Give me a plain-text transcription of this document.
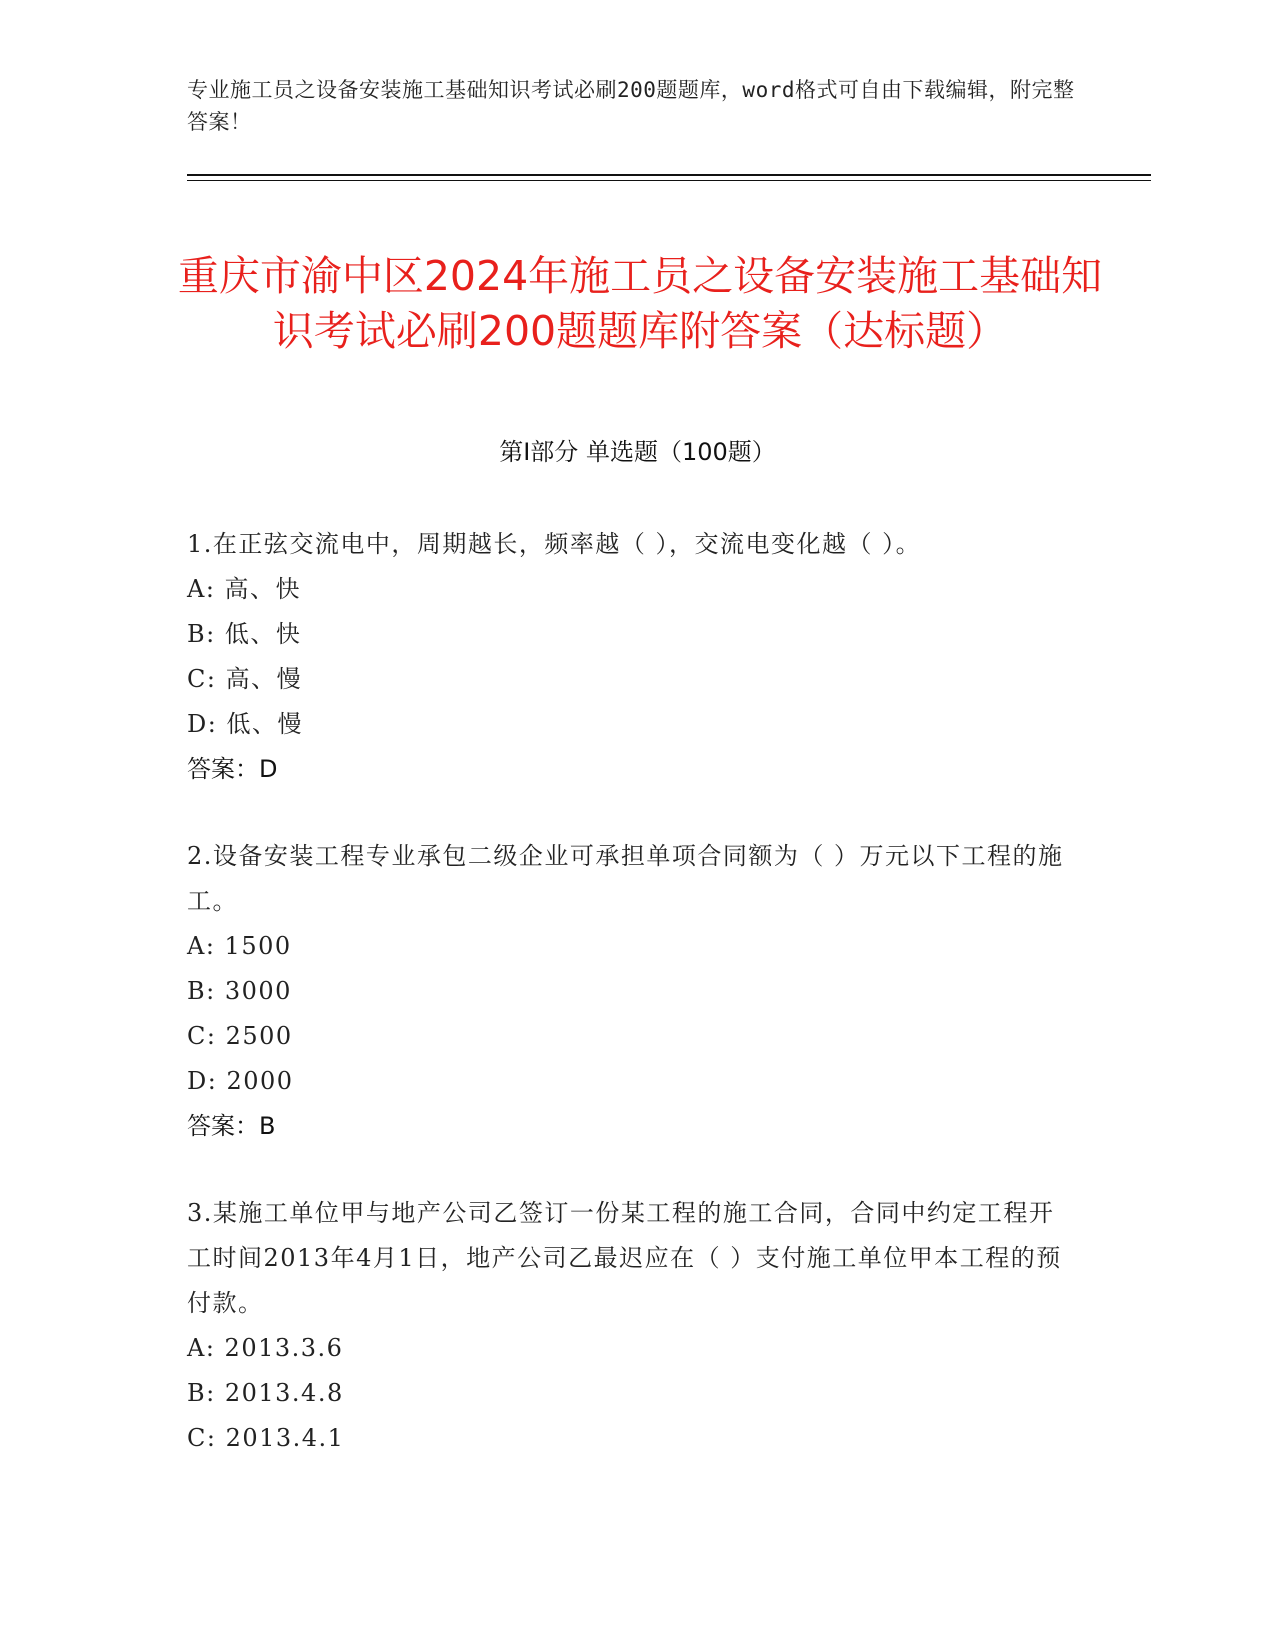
专业施工员之设备安装施工基础知识考试必刷200题题库，word格式可自由下载编辑，附完整答案！
重庆市渝中区2024年施工员之设备安装施工基础知识考试必刷200题题库附答案（达标题）
第I部分 单选题（100题）

1.在正弦交流电中，周期越长，频率越（ ），交流电变化越（ ）。

A: 高、快

B: 低、快

C: 高、慢

D: 低、慢

答案：D

2.设备安装工程专业承包二级企业可承担单项合同额为（ ）万元以下工程的施工。

A: 1500

B: 3000

C: 2500

D: 2000

答案：B

3.某施工单位甲与地产公司乙签订一份某工程的施工合同，合同中约定工程开工时间2013年4月1日，地产公司乙最迟应在（ ）支付施工单位甲本工程的预付款。

A: 2013.3.6

B: 2013.4.8

C: 2013.4.1
